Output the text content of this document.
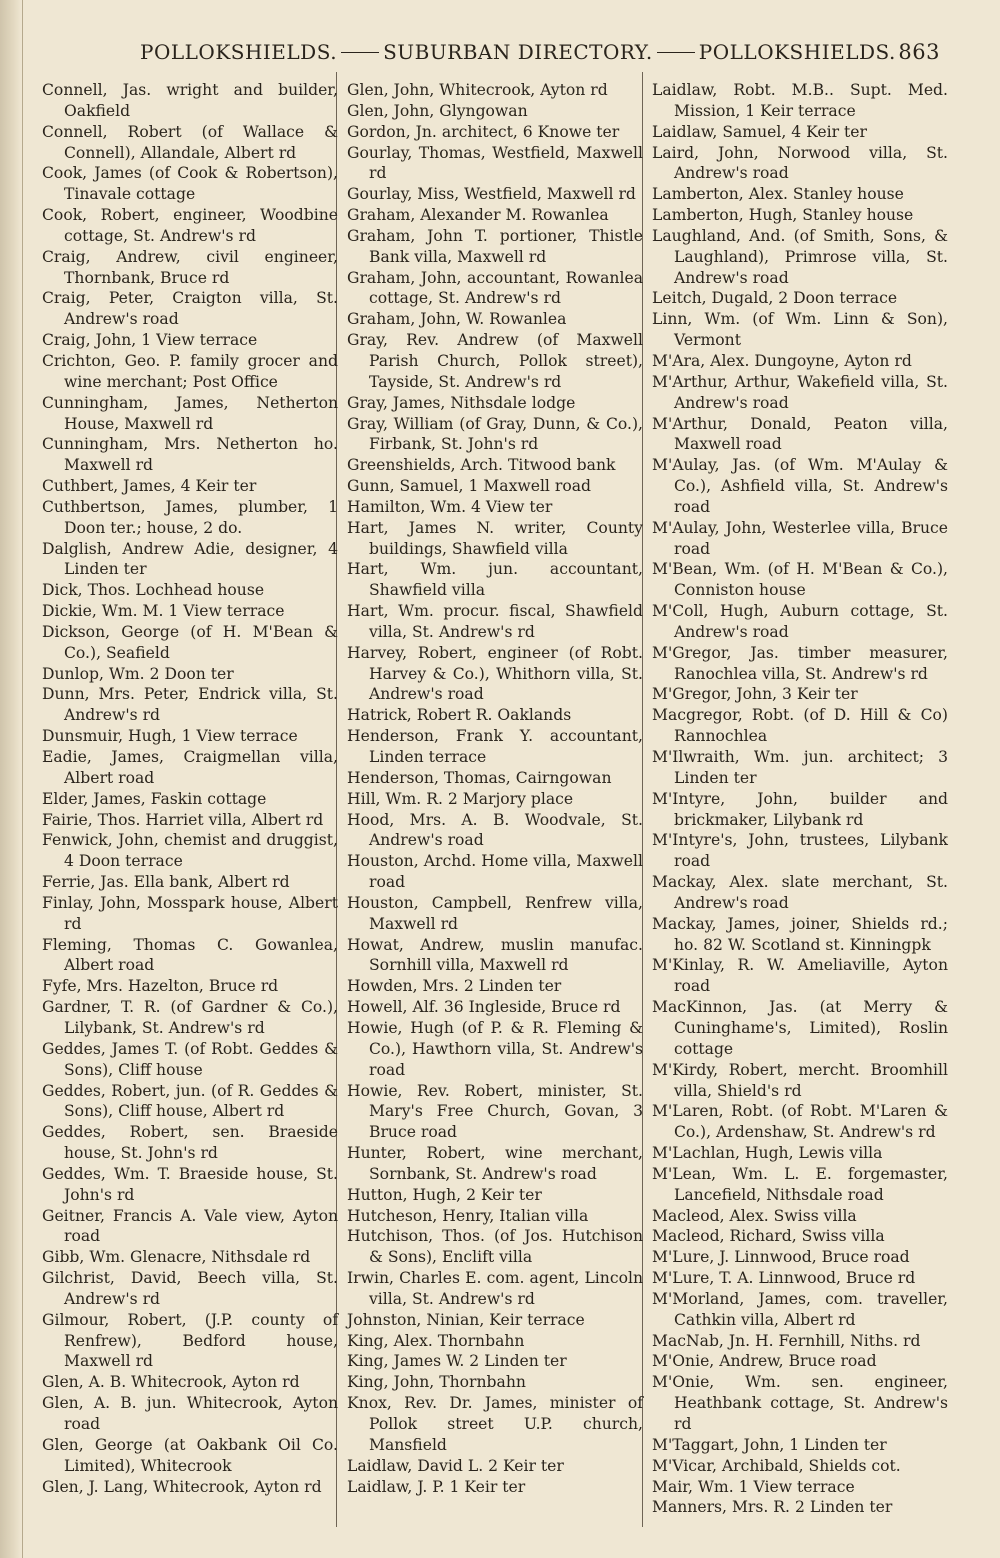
POLLOKSHIELDS. SUBURBAN DIRECTORY. POLLOKSHIELDS. 863
Connell, Jas. wright and builder, Oakfield
Connell, Robert (of Wallace & Connell), Allandale, Albert rd
Cook, James (of Cook & Robertson), Tinavale cottage
Cook, Robert, engineer, Woodbine cottage, St. Andrew's rd
Craig, Andrew, civil engineer, Thornbank, Bruce rd
Craig, Peter, Craigton villa, St. Andrew's road
Craig, John, 1 View terrace
Crichton, Geo. P. family grocer and wine merchant; Post Office
Cunningham, James, Netherton House, Maxwell rd
Cunningham, Mrs. Netherton ho. Maxwell rd
Cuthbert, James, 4 Keir ter
Cuthbertson, James, plumber, 1 Doon ter.; house, 2 do.
Dalglish, Andrew Adie, designer, 4 Linden ter
Dick, Thos. Lochhead house
Dickie, Wm. M. 1 View terrace
Dickson, George (of H. M'Bean & Co.), Seafield
Dunlop, Wm. 2 Doon ter
Dunn, Mrs. Peter, Endrick villa, St. Andrew's rd
Dunsmuir, Hugh, 1 View terrace
Eadie, James, Craigmellan villa, Albert road
Elder, James, Faskin cottage
Fairie, Thos. Harriet villa, Albert rd
Fenwick, John, chemist and druggist, 4 Doon terrace
Ferrie, Jas. Ella bank, Albert rd
Finlay, John, Mosspark house, Albert rd
Fleming, Thomas C. Gowanlea, Albert road
Fyfe, Mrs. Hazelton, Bruce rd
Gardner, T. R. (of Gardner & Co.), Lilybank, St. Andrew's rd
Geddes, James T. (of Robt. Geddes & Sons), Cliff house
Geddes, Robert, jun. (of R. Geddes & Sons), Cliff house, Albert rd
Geddes, Robert, sen. Braeside house, St. John's rd
Geddes, Wm. T. Braeside house, St. John's rd
Geitner, Francis A. Vale view, Ayton road
Gibb, Wm. Glenacre, Nithsdale rd
Gilchrist, David, Beech villa, St. Andrew's rd
Gilmour, Robert, (J.P. county of Renfrew), Bedford house, Maxwell rd
Glen, A. B. Whitecrook, Ayton rd
Glen, A. B. jun. Whitecrook, Ayton road
Glen, George (at Oakbank Oil Co. Limited), Whitecrook
Glen, J. Lang, Whitecrook, Ayton rd
Glen, John, Whitecrook, Ayton rd
Glen, John, Glyngowan
Gordon, Jn. architect, 6 Knowe ter
Gourlay, Thomas, Westfield, Maxwell rd
Gourlay, Miss, Westfield, Maxwell rd
Graham, Alexander M. Rowanlea
Graham, John T. portioner, Thistle Bank villa, Maxwell rd
Graham, John, accountant, Rowanlea cottage, St. Andrew's rd
Graham, John, W. Rowanlea
Gray, Rev. Andrew (of Maxwell Parish Church, Pollok street), Tayside, St. Andrew's rd
Gray, James, Nithsdale lodge
Gray, William (of Gray, Dunn, & Co.), Firbank, St. John's rd
Greenshields, Arch. Titwood bank
Gunn, Samuel, 1 Maxwell road
Hamilton, Wm. 4 View ter
Hart, James N. writer, County buildings, Shawfield villa
Hart, Wm. jun. accountant, Shawfield villa
Hart, Wm. procur. fiscal, Shawfield villa, St. Andrew's rd
Harvey, Robert, engineer (of Robt. Harvey & Co.), Whithorn villa, St. Andrew's road
Hatrick, Robert R. Oaklands
Henderson, Frank Y. accountant, Linden terrace
Henderson, Thomas, Cairngowan
Hill, Wm. R. 2 Marjory place
Hood, Mrs. A. B. Woodvale, St. Andrew's road
Houston, Archd. Home villa, Maxwell road
Houston, Campbell, Renfrew villa, Maxwell rd
Howat, Andrew, muslin manufac. Sornhill villa, Maxwell rd
Howden, Mrs. 2 Linden ter
Howell, Alf. 36 Ingleside, Bruce rd
Howie, Hugh (of P. & R. Fleming & Co.), Hawthorn villa, St. Andrew's road
Howie, Rev. Robert, minister, St. Mary's Free Church, Govan, 3 Bruce road
Hunter, Robert, wine merchant, Sornbank, St. Andrew's road
Hutton, Hugh, 2 Keir ter
Hutcheson, Henry, Italian villa
Hutchison, Thos. (of Jos. Hutchison & Sons), Enclift villa
Irwin, Charles E. com. agent, Lincoln villa, St. Andrew's rd
Johnston, Ninian, Keir terrace
King, Alex. Thornbahn
King, James W. 2 Linden ter
King, John, Thornbahn
Knox, Rev. Dr. James, minister of Pollok street U.P. church, Mansfield
Laidlaw, David L. 2 Keir ter
Laidlaw, J. P. 1 Keir ter
Laidlaw, Robt. M.B.. Supt. Med. Mission, 1 Keir terrace
Laidlaw, Samuel, 4 Keir ter
Laird, John, Norwood villa, St. Andrew's road
Lamberton, Alex. Stanley house
Lamberton, Hugh, Stanley house
Laughland, And. (of Smith, Sons, & Laughland), Primrose villa, St. Andrew's road
Leitch, Dugald, 2 Doon terrace
Linn, Wm. (of Wm. Linn & Son), Vermont
M'Ara, Alex. Dungoyne, Ayton rd
M'Arthur, Arthur, Wakefield villa, St. Andrew's road
M'Arthur, Donald, Peaton villa, Maxwell road
M'Aulay, Jas. (of Wm. M'Aulay & Co.), Ashfield villa, St. Andrew's road
M'Aulay, John, Westerlee villa, Bruce road
M'Bean, Wm. (of H. M'Bean & Co.), Conniston house
M'Coll, Hugh, Auburn cottage, St. Andrew's road
M'Gregor, Jas. timber measurer, Ranochlea villa, St. Andrew's rd
M'Gregor, John, 3 Keir ter
Macgregor, Robt. (of D. Hill & Co) Rannochlea
M'Ilwraith, Wm. jun. architect; 3 Linden ter
M'Intyre, John, builder and brickmaker, Lilybank rd
M'Intyre's, John, trustees, Lilybank road
Mackay, Alex. slate merchant, St. Andrew's road
Mackay, James, joiner, Shields rd.; ho. 82 W. Scotland st. Kinningpk
M'Kinlay, R. W. Ameliaville, Ayton road
MacKinnon, Jas. (at Merry & Cuninghame's, Limited), Roslin cottage
M'Kirdy, Robert, mercht. Broomhill villa, Shield's rd
M'Laren, Robt. (of Robt. M'Laren & Co.), Ardenshaw, St. Andrew's rd
M'Lachlan, Hugh, Lewis villa
M'Lean, Wm. L. E. forgemaster, Lancefield, Nithsdale road
Macleod, Alex. Swiss villa
Macleod, Richard, Swiss villa
M'Lure, J. Linnwood, Bruce road
M'Lure, T. A. Linnwood, Bruce rd
M'Morland, James, com. traveller, Cathkin villa, Albert rd
MacNab, Jn. H. Fernhill, Niths. rd
M'Onie, Andrew, Bruce road
M'Onie, Wm. sen. engineer, Heathbank cottage, St. Andrew's rd
M'Taggart, John, 1 Linden ter
M'Vicar, Archibald, Shields cot.
Mair, Wm. 1 View terrace
Manners, Mrs. R. 2 Linden ter
